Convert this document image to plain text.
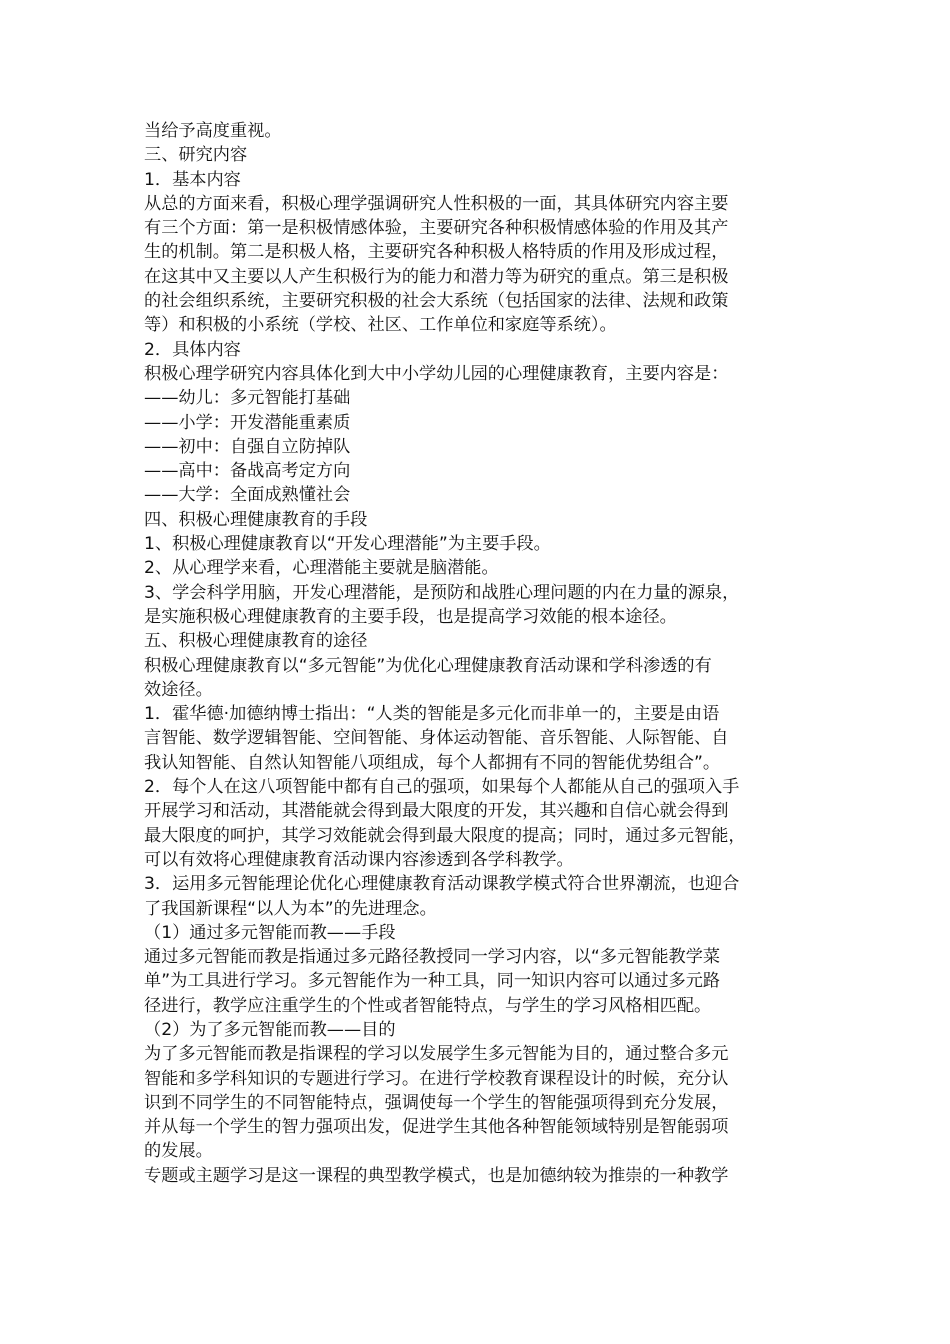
当给予高度重视。
三、研究内容
1．基本内容
从总的方面来看，积极心理学强调研究人性积极的一面，其具体研究内容主要
有三个方面：第一是积极情感体验，主要研究各种积极情感体验的作用及其产
生的机制。第二是积极人格，主要研究各种积极人格特质的作用及形成过程，
在这其中又主要以人产生积极行为的能力和潜力等为研究的重点。第三是积极
的社会组织系统，主要研究积极的社会大系统（包括国家的法律、法规和政策
等）和积极的小系统（学校、社区、工作单位和家庭等系统）。
2．具体内容
积极心理学研究内容具体化到大中小学幼儿园的心理健康教育，主要内容是：
——幼儿：多元智能打基础
——小学：开发潜能重素质
——初中：自强自立防掉队
——高中：备战高考定方向
——大学：全面成熟懂社会
四、积极心理健康教育的手段
1、积极心理健康教育以“开发心理潜能”为主要手段。
2、从心理学来看，心理潜能主要就是脑潜能。
3、学会科学用脑，开发心理潜能，是预防和战胜心理问题的内在力量的源泉，
是实施积极心理健康教育的主要手段，也是提高学习效能的根本途径。
五、积极心理健康教育的途径
积极心理健康教育以“多元智能”为优化心理健康教育活动课和学科渗透的有
效途径。
1．霍华德·加德纳博士指出：“人类的智能是多元化而非单一的，主要是由语
言智能、数学逻辑智能、空间智能、身体运动智能、音乐智能、人际智能、自
我认知智能、自然认知智能八项组成，每个人都拥有不同的智能优势组合”。
2．每个人在这八项智能中都有自己的强项，如果每个人都能从自己的强项入手
开展学习和活动，其潜能就会得到最大限度的开发，其兴趣和自信心就会得到
最大限度的呵护，其学习效能就会得到最大限度的提高；同时，通过多元智能，
可以有效将心理健康教育活动课内容渗透到各学科教学。
3．运用多元智能理论优化心理健康教育活动课教学模式符合世界潮流，也迎合
了我国新课程“以人为本”的先进理念。
（1）通过多元智能而教——手段
通过多元智能而教是指通过多元路径教授同一学习内容，以“多元智能教学菜
单”为工具进行学习。多元智能作为一种工具，同一知识内容可以通过多元路
径进行，教学应注重学生的个性或者智能特点，与学生的学习风格相匹配。
（2）为了多元智能而教——目的
为了多元智能而教是指课程的学习以发展学生多元智能为目的，通过整合多元
智能和多学科知识的专题进行学习。在进行学校教育课程设计的时候，充分认
识到不同学生的不同智能特点，强调使每一个学生的智能强项得到充分发展，
并从每一个学生的智力强项出发，促进学生其他各种智能领域特别是智能弱项
的发展。
专题或主题学习是这一课程的典型教学模式，也是加德纳较为推崇的一种教学
